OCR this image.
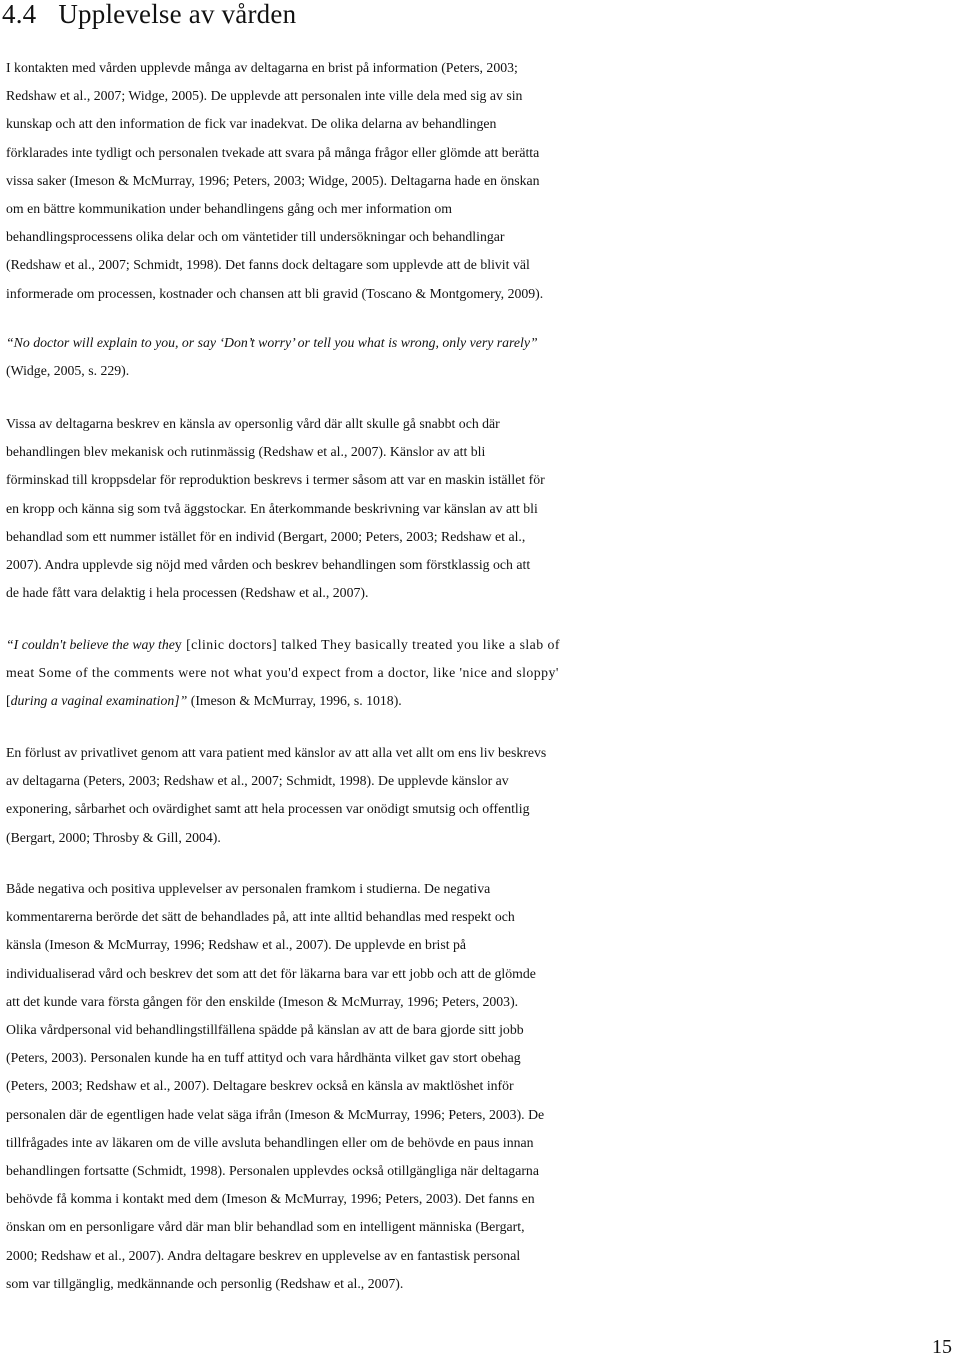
4.4 Upplevelse av vården

I kontakten med vården upplevde många av deltagarna en brist på information (Peters, 2003;
Redshaw et al., 2007; Widge, 2005). De upplevde att personalen inte ville dela med sig av sin
kunskap och att den information de fick var inadekvat. De olika delarna av behandlingen
förklarades inte tydligt och personalen tvekade att svara på många frågor eller glömde att berätta
vissa saker (Imeson & McMurray, 1996; Peters, 2003; Widge, 2005). Deltagarna hade en önskan
om en bättre kommunikation under behandlingens gång och mer information om
behandlingsprocessens olika delar och om väntetider till undersökningar och behandlingar
(Redshaw et al., 2007; Schmidt, 1998). Det fanns dock deltagare som upplevde att de blivit väl
informerade om processen, kostnader och chansen att bli gravid (Toscano & Montgomery, 2009).

“No doctor will explain to you, or say ‘Don’t worry’ or tell you what is wrong, only very rarely”
(Widge, 2005, s. 229).

Vissa av deltagarna beskrev en känsla av opersonlig vård där allt skulle gå snabbt och där
behandlingen blev mekanisk och rutinmässig (Redshaw et al., 2007). Känslor av att bli
förminskad till kroppsdelar för reproduktion beskrevs i termer såsom att var en maskin istället för
en kropp och känna sig som två äggstockar. En återkommande beskrivning var känslan av att bli
behandlad som ett nummer istället för en individ (Bergart, 2000; Peters, 2003; Redshaw et al.,
2007). Andra upplevde sig nöjd med vården och beskrev behandlingen som förstklassig och att
de hade fått vara delaktig i hela processen (Redshaw et al., 2007).

“I couldn't believe the way they [clinic doctors] talked They basically treated you like a slab of
meat Some of the comments were not what you'd expect from a doctor, like 'nice and sloppy'
[during a vaginal examination]” (Imeson & McMurray, 1996, s. 1018).

En förlust av privatlivet genom att vara patient med känslor av att alla vet allt om ens liv beskrevs
av deltagarna (Peters, 2003; Redshaw et al., 2007; Schmidt, 1998). De upplevde känslor av
exponering, sårbarhet och ovärdighet samt att hela processen var onödigt smutsig och offentlig
(Bergart, 2000; Throsby & Gill, 2004).

Både negativa och positiva upplevelser av personalen framkom i studierna. De negativa
kommentarerna berörde det sätt de behandlades på, att inte alltid behandlas med respekt och
känsla (Imeson & McMurray, 1996; Redshaw et al., 2007). De upplevde en brist på
individualiserad vård och beskrev det som att det för läkarna bara var ett jobb och att de glömde
att det kunde vara första gången för den enskilde (Imeson & McMurray, 1996; Peters, 2003).
Olika vårdpersonal vid behandlingstillfällena spädde på känslan av att de bara gjorde sitt jobb
(Peters, 2003). Personalen kunde ha en tuff attityd och vara hårdhänta vilket gav stort obehag
(Peters, 2003; Redshaw et al., 2007). Deltagare beskrev också en känsla av maktlöshet inför
personalen där de egentligen hade velat säga ifrån (Imeson & McMurray, 1996; Peters, 2003). De
tillfrågades inte av läkaren om de ville avsluta behandlingen eller om de behövde en paus innan
behandlingen fortsatte (Schmidt, 1998). Personalen upplevdes också otillgängliga när deltagarna
behövde få komma i kontakt med dem (Imeson & McMurray, 1996; Peters, 2003). Det fanns en
önskan om en personligare vård där man blir behandlad som en intelligent människa (Bergart,
2000; Redshaw et al., 2007). Andra deltagare beskrev en upplevelse av en fantastisk personal
som var tillgänglig, medkännande och personlig (Redshaw et al., 2007).

15
